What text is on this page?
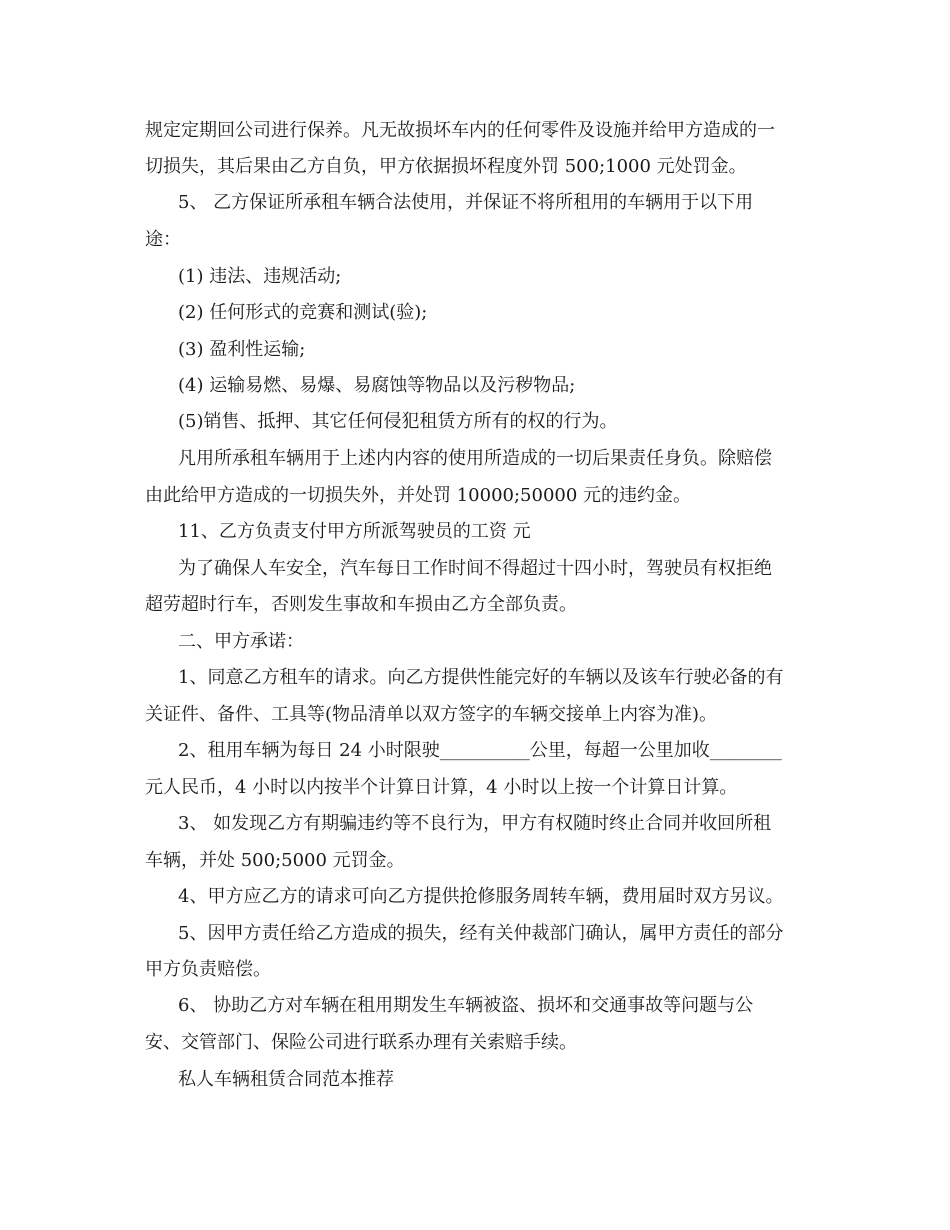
规定定期回公司进行保养。凡无故损坏车内的任何零件及设施并给甲方造成的一
切损失，其后果由乙方自负，甲方依据损坏程度外罚 500;1000 元处罚金。
5、 乙方保证所承租车辆合法使用，并保证不将所租用的车辆用于以下用
途：
(1) 违法、违规活动;
(2) 任何形式的竞赛和测试(验);
(3) 盈利性运输;
(4) 运输易燃、易爆、易腐蚀等物品以及污秽物品;
(5)销售、抵押、其它任何侵犯租赁方所有的权的行为。
凡用所承租车辆用于上述内内容的使用所造成的一切后果责任身负。除赔偿
由此给甲方造成的一切损失外，并处罚 10000;50000 元的违约金。
11、乙方负责支付甲方所派驾驶员的工资 元
为了确保人车安全，汽车每日工作时间不得超过十四小时，驾驶员有权拒绝
超劳超时行车，否则发生事故和车损由乙方全部负责。
二、甲方承诺：
1、同意乙方租车的请求。向乙方提供性能完好的车辆以及该车行驶必备的有
关证件、备件、工具等(物品清单以双方签字的车辆交接单上内容为准)。
2、租用车辆为每日 24 小时限驶__________公里，每超一公里加收________
元人民币，4 小时以内按半个计算日计算，4 小时以上按一个计算日计算。
3、 如发现乙方有期骗违约等不良行为，甲方有权随时终止合同并收回所租
车辆，并处 500;5000 元罚金。
4、甲方应乙方的请求可向乙方提供抢修服务周转车辆，费用届时双方另议。
5、因甲方责任给乙方造成的损失，经有关仲裁部门确认，属甲方责任的部分
甲方负责赔偿。
6、 协助乙方对车辆在租用期发生车辆被盗、损坏和交通事故等问题与公
安、交管部门、保险公司进行联系办理有关索赔手续。
私人车辆租赁合同范本推荐
